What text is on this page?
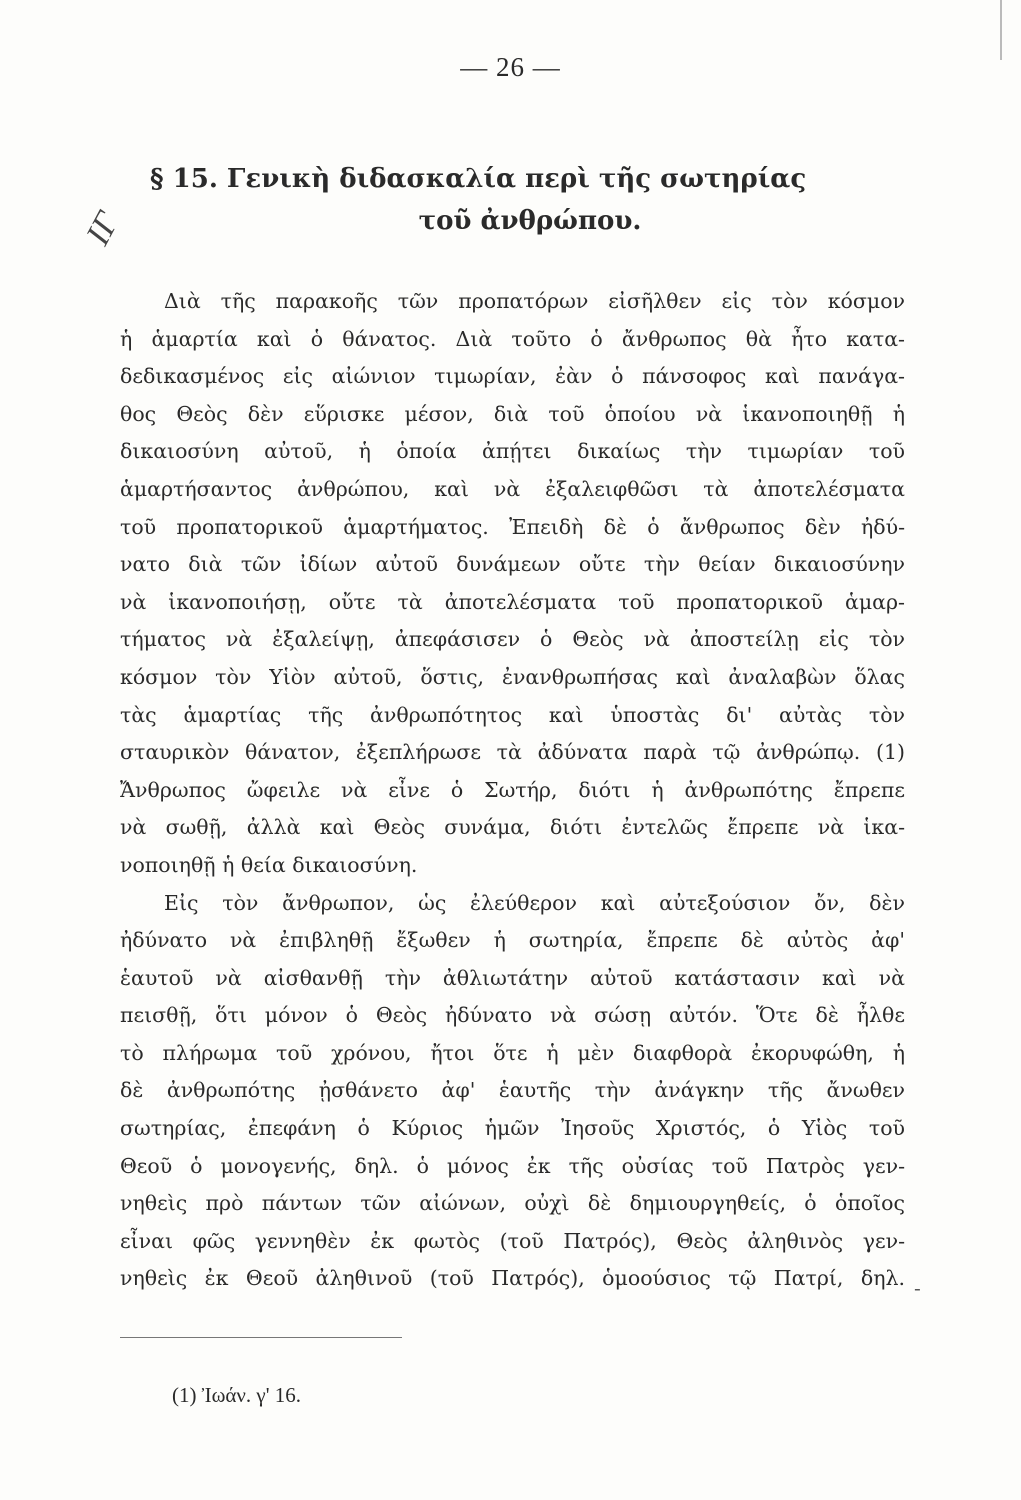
— 26 —
ΙΓ
§ 15. Γενικὴ διδασκαλία περὶ τῆς σωτηρίας
τοῦ ἀνθρώπου.
Διὰ τῆς παρακοῆς τῶν προπατόρων εἰσῆλθεν εἰς τὸν κόσμον
ἡ ἁμαρτία καὶ ὁ θάνατος. Διὰ τοῦτο ὁ ἄνθρωπος θὰ ἦτο κατα-
δεδικασμένος εἰς αἰώνιον τιμωρίαν, ἐὰν ὁ πάνσοφος καὶ πανάγα-
θος Θεὸς δὲν εὕρισκε μέσον, διὰ τοῦ ὁποίου νὰ ἱκανοποιηθῇ ἡ
δικαιοσύνη αὐτοῦ, ἡ ὁποία ἀπῄτει δικαίως τὴν τιμωρίαν τοῦ
ἁμαρτήσαντος ἀνθρώπου, καὶ νὰ ἐξαλειφθῶσι τὰ ἀποτελέσματα
τοῦ προπατορικοῦ ἁμαρτήματος. Ἐπειδὴ δὲ ὁ ἄνθρωπος δὲν ἠδύ-
νατο διὰ τῶν ἰδίων αὐτοῦ δυνάμεων οὔτε τὴν θείαν δικαιοσύνην
νὰ ἱκανοποιήσῃ, οὔτε τὰ ἀποτελέσματα τοῦ προπατορικοῦ ἁμαρ-
τήματος νὰ ἐξαλείψῃ, ἀπεφάσισεν ὁ Θεὸς νὰ ἀποστείλῃ εἰς τὸν
κόσμον τὸν Υἱὸν αὐτοῦ, ὅστις, ἐνανθρωπήσας καὶ ἀναλαβὼν ὅλας
τὰς ἁμαρτίας τῆς ἀνθρωπότητος καὶ ὑποστὰς δι' αὐτὰς τὸν
σταυρικὸν θάνατον, ἐξεπλήρωσε τὰ ἀδύνατα παρὰ τῷ ἀνθρώπῳ. (1)
Ἄνθρωπος ὤφειλε νὰ εἶνε ὁ Σωτήρ, διότι ἡ ἀνθρωπότης ἔπρεπε
νὰ σωθῇ, ἀλλὰ καὶ Θεὸς συνάμα, διότι ἐντελῶς ἔπρεπε νὰ ἱκα-
νοποιηθῇ ἡ θεία δικαιοσύνη.
Εἰς τὸν ἄνθρωπον, ὡς ἐλεύθερον καὶ αὐτεξούσιον ὄν, δὲν
ἠδύνατο νὰ ἐπιβληθῇ ἔξωθεν ἡ σωτηρία, ἔπρεπε δὲ αὐτὸς ἀφ'
ἑαυτοῦ νὰ αἰσθανθῇ τὴν ἀθλιωτάτην αὐτοῦ κατάστασιν καὶ νὰ
πεισθῇ, ὅτι μόνον ὁ Θεὸς ἠδύνατο νὰ σώσῃ αὐτόν. Ὅτε δὲ ἦλθε
τὸ πλήρωμα τοῦ χρόνου, ἤτοι ὅτε ἡ μὲν διαφθορὰ ἐκορυφώθη, ἡ
δὲ ἀνθρωπότης ᾐσθάνετο ἀφ' ἑαυτῆς τὴν ἀνάγκην τῆς ἄνωθεν
σωτηρίας, ἐπεφάνη ὁ Κύριος ἡμῶν Ἰησοῦς Χριστός, ὁ Υἱὸς τοῦ
Θεοῦ ὁ μονογενής, δηλ. ὁ μόνος ἐκ τῆς οὐσίας τοῦ Πατρὸς γεν-
νηθεὶς πρὸ πάντων τῶν αἰώνων, οὐχὶ δὲ δημιουργηθείς, ὁ ὁποῖος
εἶναι φῶς γεννηθὲν ἐκ φωτὸς (τοῦ Πατρός), Θεὸς ἀληθινὸς γεν-
νηθεὶς ἐκ Θεοῦ ἀληθινοῦ (τοῦ Πατρός), ὁμοούσιος τῷ Πατρί, δηλ. -
(1) Ἰωάν. γ' 16.
